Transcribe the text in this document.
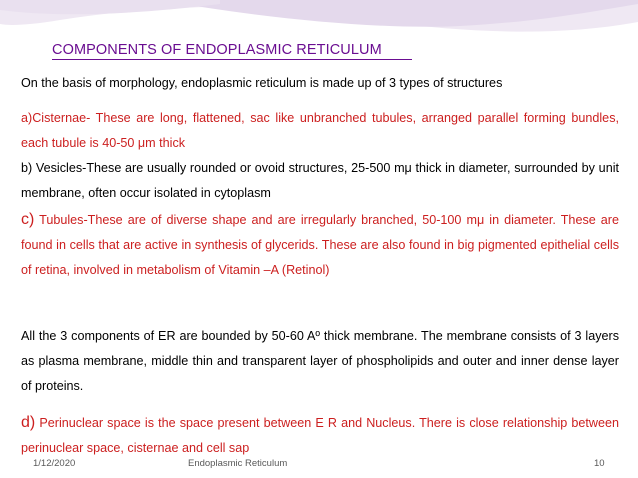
COMPONENTS OF ENDOPLASMIC RETICULUM

On the basis of morphology, endoplasmic reticulum is made up of 3 types of structures

a)Cisternae- These are long, flattened, sac like unbranched tubules, arranged parallel forming bundles, each tubule is 40-50 μm thick

b) Vesicles-These are usually rounded or ovoid structures, 25-500 mμ thick in diameter, surrounded by unit membrane, often occur isolated in cytoplasm

c) Tubules-These are of diverse shape and are irregularly branched, 50-100 mμ in diameter. These are found in cells that are active in synthesis of glycerids. These are also found in big pigmented epithelial cells of retina, involved in metabolism of Vitamin –A (Retinol)

All the 3 components of ER are bounded by 50-60 Aº thick membrane. The membrane consists of 3 layers as plasma membrane, middle thin and transparent layer of phospholipids and outer and inner dense layer of proteins.

d) Perinuclear space is the space present between E R and Nucleus. There is close relationship between perinuclear space, cisternae and cell sap

1/12/2020	Endoplasmic Reticulum	10
